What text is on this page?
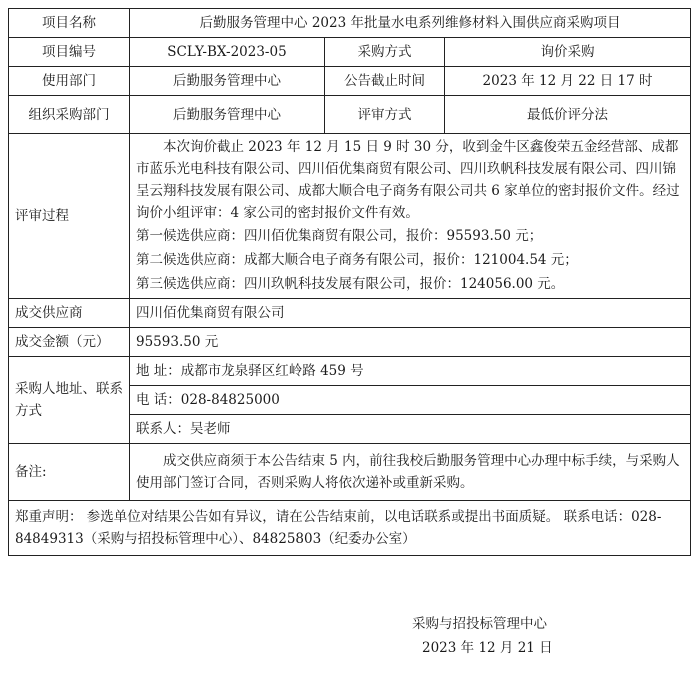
项目名称	后勤服务管理中心 2023 年批量水电系列维修材料入围供应商采购项目		
项目编号	SCLY-BX-2023-05	采购方式	询价采购
使用部门	后勤服务管理中心	公告截止时间	2023 年 12 月 22 日 17 时
组织采购部门	后勤服务管理中心	评审方式	最低价评分法
评审过程	本次询价截止 2023 年 12 月 15 日 9 时 30 分，收到金牛区鑫俊荣五金经营部、成都市蓝乐光电科技有限公司、四川佰优集商贸有限公司、四川玖帆科技发展有限公司、四川锦呈云翔科技发展有限公司、成都大顺合电子商务有限公司共 6 家单位的密封报价文件。经过询价小组评审：4 家公司的密封报价文件有效。
第一候选供应商：四川佰优集商贸有限公司，报价：95593.50 元；
第二候选供应商：成都大顺合电子商务有限公司，报价：121004.54 元；
第三候选供应商：四川玖帆科技发展有限公司，报价：124056.00 元。		

成交供应商	四川佰优集商贸有限公司		
成交金额（元）	95593.50 元		
采购人地址、联系方式	地 址：成都市龙泉驿区红岭路 459 号		
	电 话：028-84825000		
	联系人：吴老师		
备注:	成交供应商须于本公告结束 5 内，前往我校后勤服务管理中心办理中标手续，与采购人使用部门签订合同，否则采购人将依次递补或重新采购。		

郑重声明： 参选单位对结果公告如有异议，请在公告结束前，以电话联系或提出书面质疑。 联系电话：028-84849313（采购与招投标管理中心）、84825803（纪委办公室）			
采购与招投标管理中心
2023 年 12 月 21 日
